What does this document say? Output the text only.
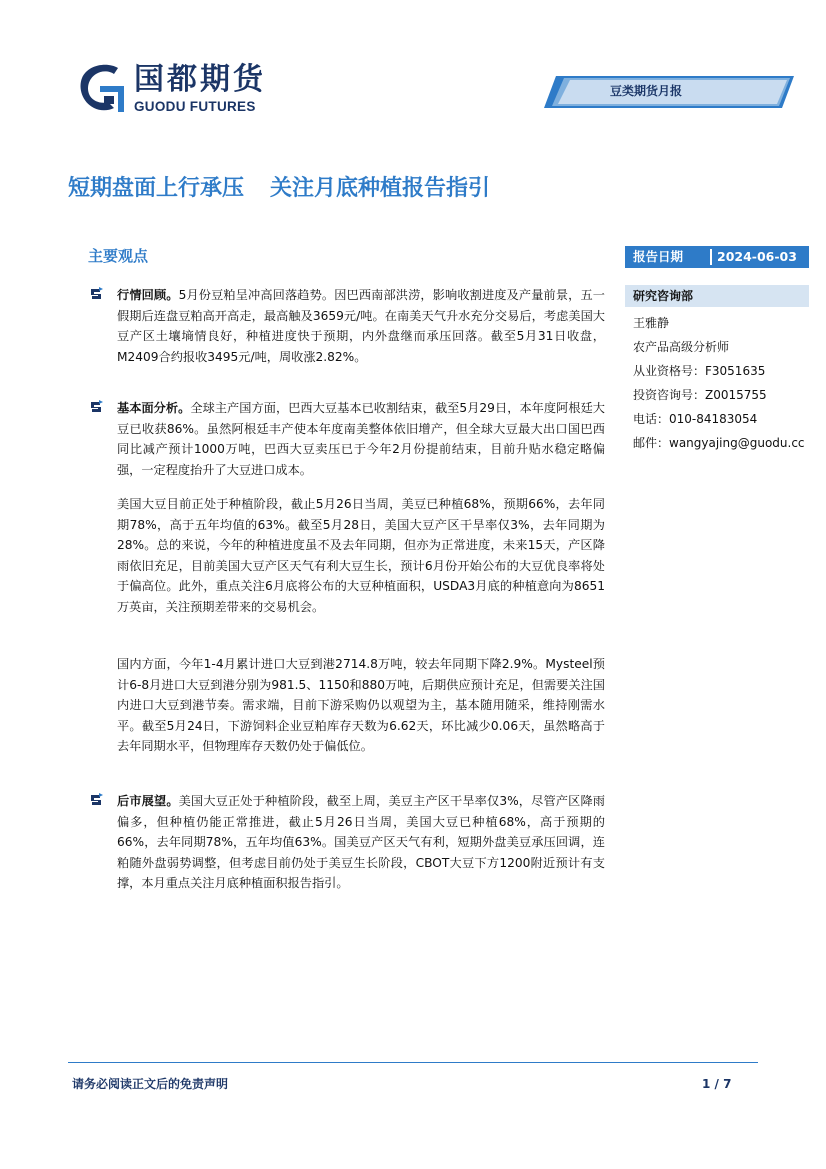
国都期货
GUODU FUTURES
豆类期货月报
短期盘面上行承压 关注月底种植报告指引
主要观点
行情回顾。5月份豆粕呈冲高回落趋势。因巴西南部洪涝，影响收割进度及产量前景，五一假期后连盘豆粕高开高走，最高触及3659元/吨。在南美天气升水充分交易后，考虑美国大豆产区土壤墒情良好，种植进度快于预期，内外盘继而承压回落。截至5月31日收盘，M2409合约报收3495元/吨，周收涨2.82%。
基本面分析。全球主产国方面，巴西大豆基本已收割结束，截至5月29日，本年度阿根廷大豆已收获86%。虽然阿根廷丰产使本年度南美整体依旧增产，但全球大豆最大出口国巴西同比减产预计1000万吨，巴西大豆卖压已于今年2月份提前结束，目前升贴水稳定略偏强，一定程度抬升了大豆进口成本。
美国大豆目前正处于种植阶段，截止5月26日当周，美豆已种植68%，预期66%，去年同期78%，高于五年均值的63%。截至5月28日，美国大豆产区干旱率仅3%，去年同期为28%。总的来说，今年的种植进度虽不及去年同期，但亦为正常进度，未来15天，产区降雨依旧充足，目前美国大豆产区天气有利大豆生长，预计6月份开始公布的大豆优良率将处于偏高位。此外，重点关注6月底将公布的大豆种植面积，USDA3月底的种植意向为8651万英亩，关注预期差带来的交易机会。
国内方面，今年1-4月累计进口大豆到港2714.8万吨，较去年同期下降2.9%。Mysteel预计6-8月进口大豆到港分别为981.5、1150和880万吨，后期供应预计充足，但需要关注国内进口大豆到港节奏。需求端，目前下游采购仍以观望为主，基本随用随采，维持刚需水平。截至5月24日，下游饲料企业豆粕库存天数为6.62天，环比减少0.06天，虽然略高于去年同期水平，但物理库存天数仍处于偏低位。
后市展望。美国大豆正处于种植阶段，截至上周，美豆主产区干旱率仅3%，尽管产区降雨偏多，但种植仍能正常推进，截止5月26日当周，美国大豆已种植68%，高于预期的66%，去年同期78%，五年均值63%。国美豆产区天气有利，短期外盘美豆承压回调，连粕随外盘弱势调整，但考虑目前仍处于美豆生长阶段，CBOT大豆下方1200附近预计有支撑，本月重点关注月底种植面积报告指引。
报告日期	2024-06-03
研究咨询部
王雅静
农产品高级分析师
从业资格号：F3051635
投资咨询号：Z0015755
电话：010-84183054
邮件：wangyajing@guodu.cc
请务必阅读正文后的免责声明	1 / 7
